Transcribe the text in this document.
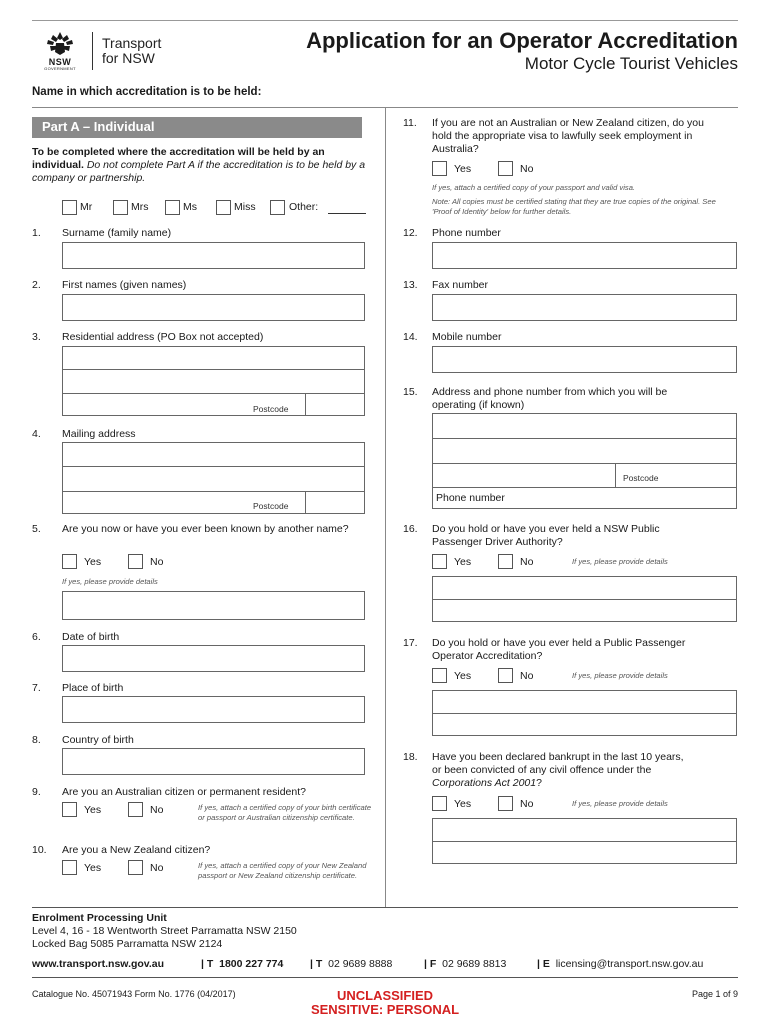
NSW
GOVERNMENT
Transport
for NSW
Application for an Operator Accreditation
Motor Cycle Tourist Vehicles
Name in which accreditation is to be held:
Part A – Individual
To be completed where the accreditation will be held by an individual. Do not complete Part A if the accreditation is to be held by a company or partnership.
Mr	Mrs	Ms	Miss	Other:
1. Surname (family name)
2. First names (given names)
3. Residential address (PO Box not accepted)
Postcode
4. Mailing address
Postcode
5. Are you now or have you ever been known by another name?
Yes	No
If yes, please provide details
6. Date of birth
7. Place of birth
8. Country of birth
9. Are you an Australian citizen or permanent resident?
Yes	No	If yes, attach a certified copy of your birth certificate or passport or Australian citizenship certificate.
10. Are you a New Zealand citizen?
Yes	No	If yes, attach a certified copy of your New Zealand passport or New Zealand citizenship certificate.
11. If you are not an Australian or New Zealand citizen, do you hold the appropriate visa to lawfully seek employment in Australia?
Yes	No
If yes, attach a certified copy of your passport and valid visa.
Note: All copies must be certified stating that they are true copies of the original. See 'Proof of Identity' below for further details.
12. Phone number
13. Fax number
14. Mobile number
15. Address and phone number from which you will be operating (if known)
Postcode
Phone number
16. Do you hold or have you ever held a NSW Public Passenger Driver Authority?
Yes	No	If yes, please provide details
17. Do you hold or have you ever held a Public Passenger Operator Accreditation?
Yes	No	If yes, please provide details
18. Have you been declared bankrupt in the last 10 years,
or been convicted of any civil offence under the
Corporations Act 2001?
Yes	No	If yes, please provide details
Enrolment Processing Unit
Level 4, 16 - 18 Wentworth Street Parramatta NSW 2150
Locked Bag 5085 Parramatta NSW 2124
www.transport.nsw.gov.au	| T 1800 227 774	| T 02 9689 8888	| F 02 9689 8813	| E licensing@transport.nsw.gov.au
Catalogue No. 45071943 Form No. 1776 (04/2017)	UNCLASSIFIED
SENSITIVE: PERSONAL
Page 1 of 9
